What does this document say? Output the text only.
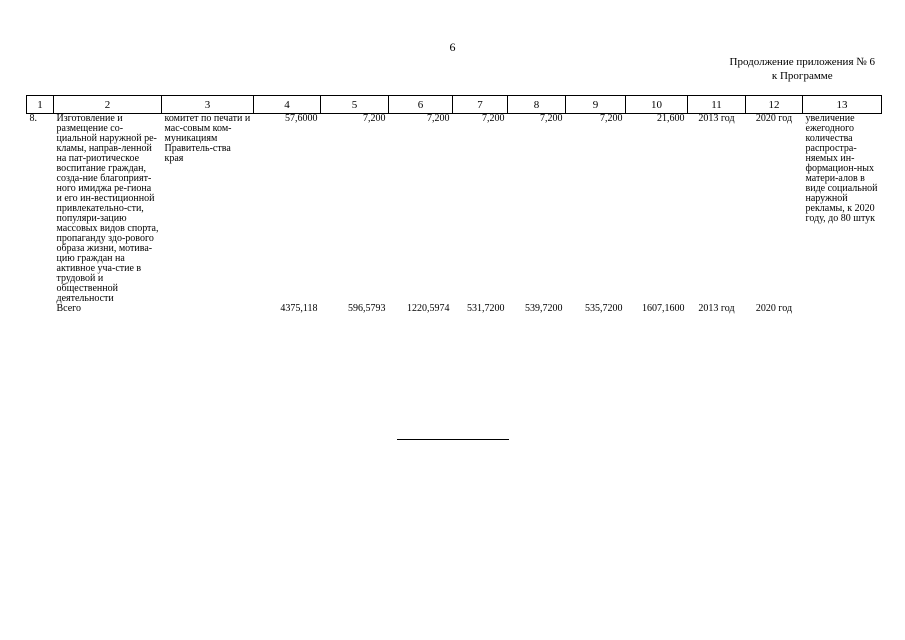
6
Продолжение приложения № 6
к Программе
1	2	3	4	5	6	7	8	9	10	11	12	13
8.	Изготовление и размещение со-циальной наружной ре-кламы, направ-ленной на пат-риотическое воспитание граждан, созда-ние благоприят-ного имиджа ре-гиона и его ин-вестиционной привлекательно-сти, популяри-зацию массовых видов спорта, пропаганду здо-рового образа жизни, мотива-цию граждан на активное уча-стие в трудовой и общественной деятельности	комитет по печати и мас-совым ком-муникациям Правитель-ства края	57,6000	7,200	7,200	7,200	7,200	7,200	21,600	2013 год	2020 год	увеличение ежегодного количества распростра-няемых ин-формацион-ных матери-алов в виде социальной наружной рекламы, к 2020 году, до 80 штук
	Всего		4375,118	596,5793	1220,5974	531,7200	539,7200	535,7200	1607,1600	2013 год	2020 год	
